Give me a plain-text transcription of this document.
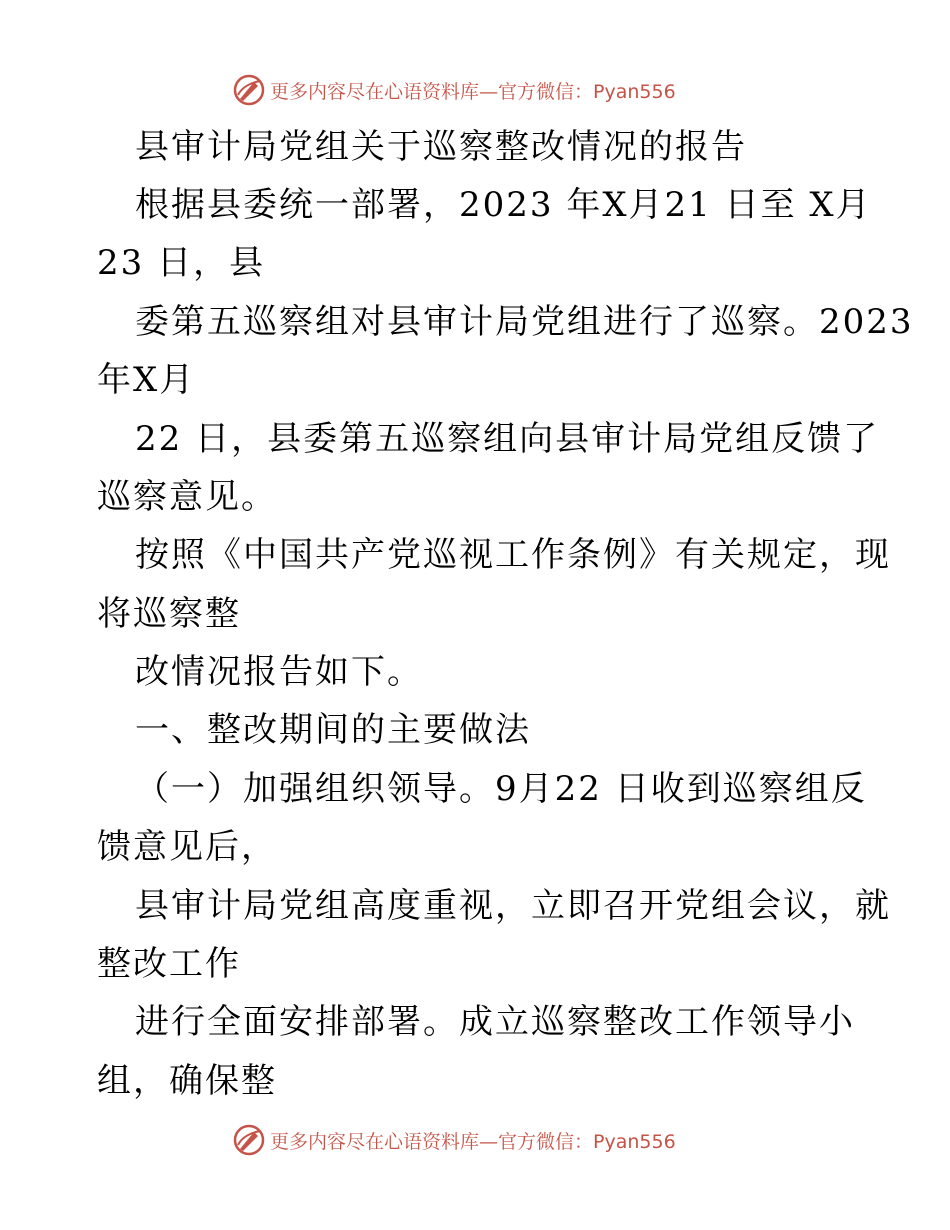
更多内容尽在心语资料库—官方微信：Pyan556

县审计局党组关于巡察整改情况的报告

根据县委统一部署，2023 年X月21 日至 X月

23 日，县

委第五巡察组对县审计局党组进行了巡察。2023

年X月

22 日，县委第五巡察组向县审计局党组反馈了

巡察意见。

按照《中国共产党巡视工作条例》有关规定，现

将巡察整

改情况报告如下。

一、整改期间的主要做法

（一）加强组织领导。9月22 日收到巡察组反

馈意见后，

县审计局党组高度重视，立即召开党组会议，就

整改工作

进行全面安排部署。成立巡察整改工作领导小

组，确保整

更多内容尽在心语资料库—官方微信：Pyan556
